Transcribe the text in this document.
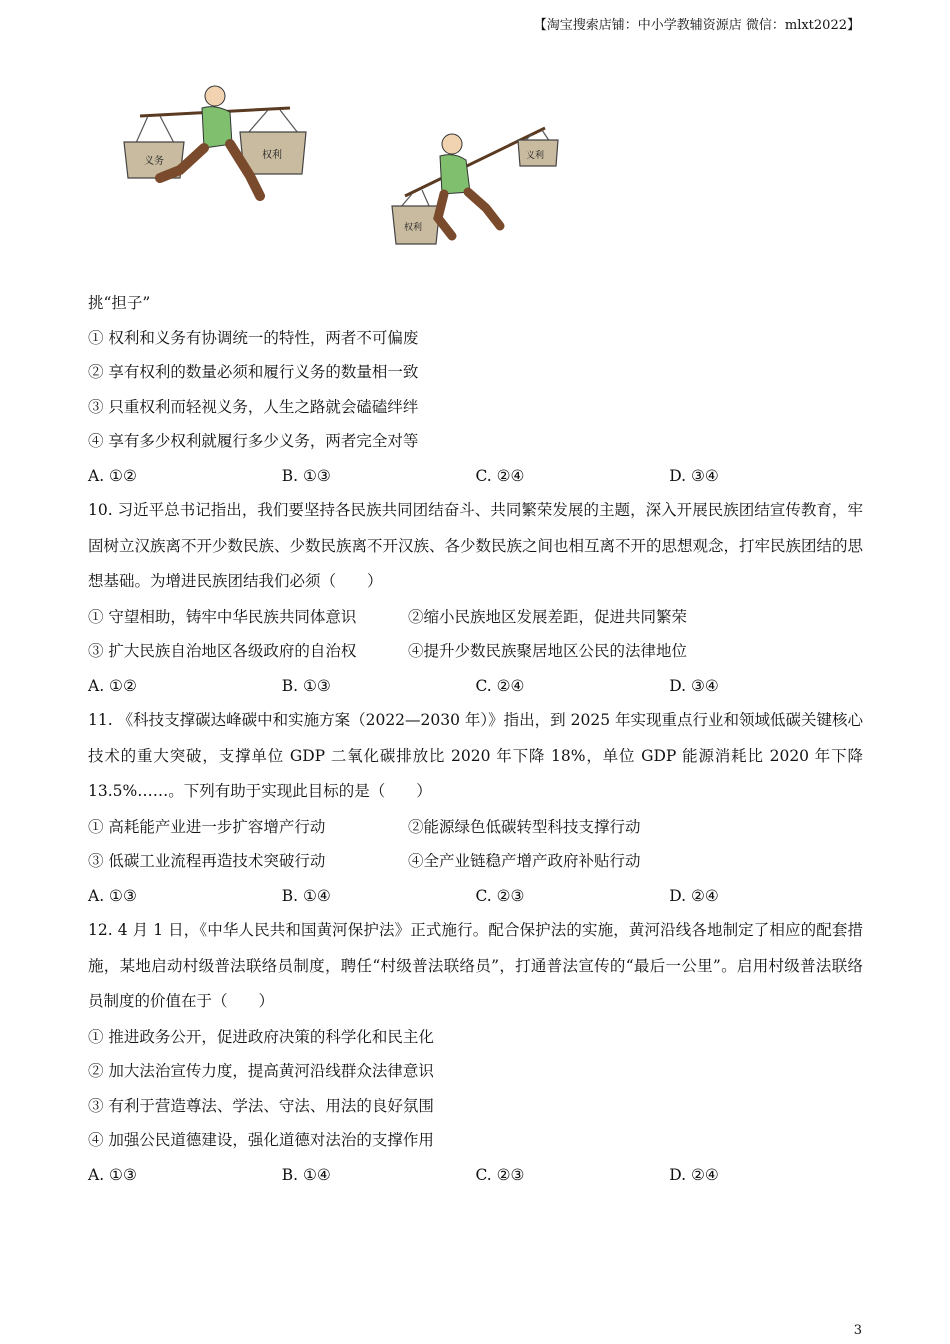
【淘宝搜索店铺：中小学教辅资源店 微信：mlxt2022】
义务
权利
权利
义利
挑“担子”
① 权利和义务有协调统一的特性，两者不可偏废
② 享有权利的数量必须和履行义务的数量相一致
③ 只重权利而轻视义务，人生之路就会磕磕绊绊
④ 享有多少权利就履行多少义务，两者完全对等
A. ①②	B. ①③	C. ②④	D. ③④
10. 习近平总书记指出，我们要坚持各民族共同团结奋斗、共同繁荣发展的主题，深入开展民族团结宣传教育，牢固树立汉族离不开少数民族、少数民族离不开汉族、各少数民族之间也相互离不开的思想观念，打牢民族团结的思想基础。为增进民族团结我们必须（　　）
① 守望相助，铸牢中华民族共同体意识	②缩小民族地区发展差距，促进共同繁荣
③ 扩大民族自治地区各级政府的自治权	④提升少数民族聚居地区公民的法律地位
A. ①②	B. ①③	C. ②④	D. ③④
11. 《科技支撑碳达峰碳中和实施方案（2022—2030 年）》指出，到 2025 年实现重点行业和领域低碳关键核心技术的重大突破，支撑单位 GDP 二氧化碳排放比 2020 年下降 18%，单位 GDP 能源消耗比 2020 年下降 13.5%……。下列有助于实现此目标的是（　　）
① 高耗能产业进一步扩容增产行动	②能源绿色低碳转型科技支撑行动
③ 低碳工业流程再造技术突破行动	④全产业链稳产增产政府补贴行动
A. ①③	B. ①④	C. ②③	D. ②④
12. 4 月 1 日，《中华人民共和国黄河保护法》正式施行。配合保护法的实施，黄河沿线各地制定了相应的配套措施，某地启动村级普法联络员制度，聘任“村级普法联络员”，打通普法宣传的“最后一公里”。启用村级普法联络员制度的价值在于（　　）
① 推进政务公开，促进政府决策的科学化和民主化
② 加大法治宣传力度，提高黄河沿线群众法律意识
③ 有利于营造尊法、学法、守法、用法的良好氛围
④ 加强公民道德建设，强化道德对法治的支撑作用
A. ①③	B. ①④	C. ②③	D. ②④
3
